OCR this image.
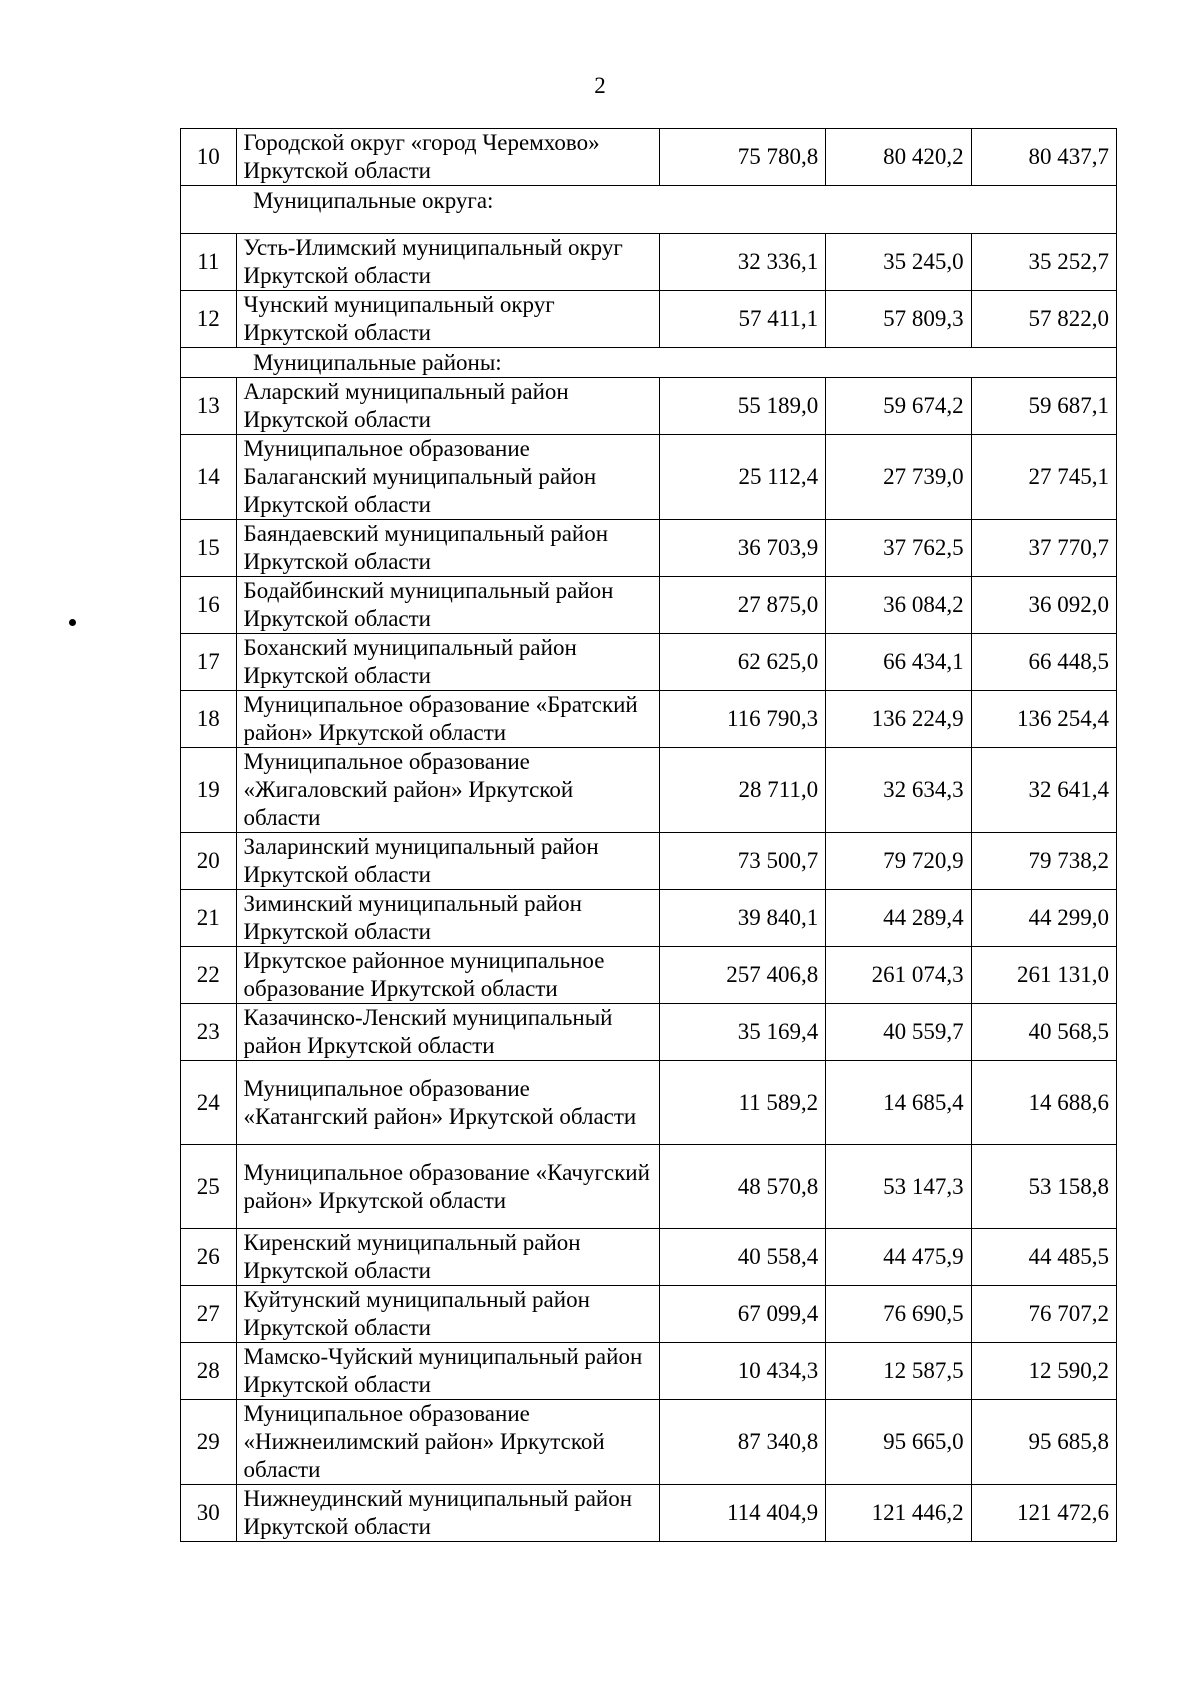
2
10	Городской округ «город Черемхово» Иркутской области	75 780,8	80 420,2	80 437,7
Муниципальные округа:				
11	Усть-Илимский муниципальный округ Иркутской области	32 336,1	35 245,0	35 252,7
12	Чунский муниципальный округ Иркутской области	57 411,1	57 809,3	57 822,0
Муниципальные районы:				
13	Аларский муниципальный район Иркутской области	55 189,0	59 674,2	59 687,1
14	Муниципальное образование Балаганский муниципальный район Иркутской области	25 112,4	27 739,0	27 745,1
15	Баяндаевский муниципальный район Иркутской области	36 703,9	37 762,5	37 770,7
16	Бодайбинский муниципальный район Иркутской области	27 875,0	36 084,2	36 092,0
17	Боханский муниципальный район Иркутской области	62 625,0	66 434,1	66 448,5
18	Муниципальное образование «Братский район» Иркутской области	116 790,3	136 224,9	136 254,4
19	Муниципальное образование «Жигаловский район» Иркутской области	28 711,0	32 634,3	32 641,4
20	Заларинский муниципальный район Иркутской области	73 500,7	79 720,9	79 738,2
21	Зиминский муниципальный район Иркутской области	39 840,1	44 289,4	44 299,0
22	Иркутское районное муниципальное образование Иркутской области	257 406,8	261 074,3	261 131,0
23	Казачинско-Ленский муниципальный район Иркутской области	35 169,4	40 559,7	40 568,5
24	Муниципальное образование «Катангский район» Иркутской области	11 589,2	14 685,4	14 688,6
25	Муниципальное образование «Качугский район» Иркутской области	48 570,8	53 147,3	53 158,8
26	Киренский муниципальный район Иркутской области	40 558,4	44 475,9	44 485,5
27	Куйтунский муниципальный район Иркутской области	67 099,4	76 690,5	76 707,2
28	Мамско-Чуйский муниципальный район Иркутской области	10 434,3	12 587,5	12 590,2
29	Муниципальное образование «Нижнеилимский район» Иркутской области	87 340,8	95 665,0	95 685,8
30	Нижнеудинский муниципальный район Иркутской области	114 404,9	121 446,2	121 472,6
